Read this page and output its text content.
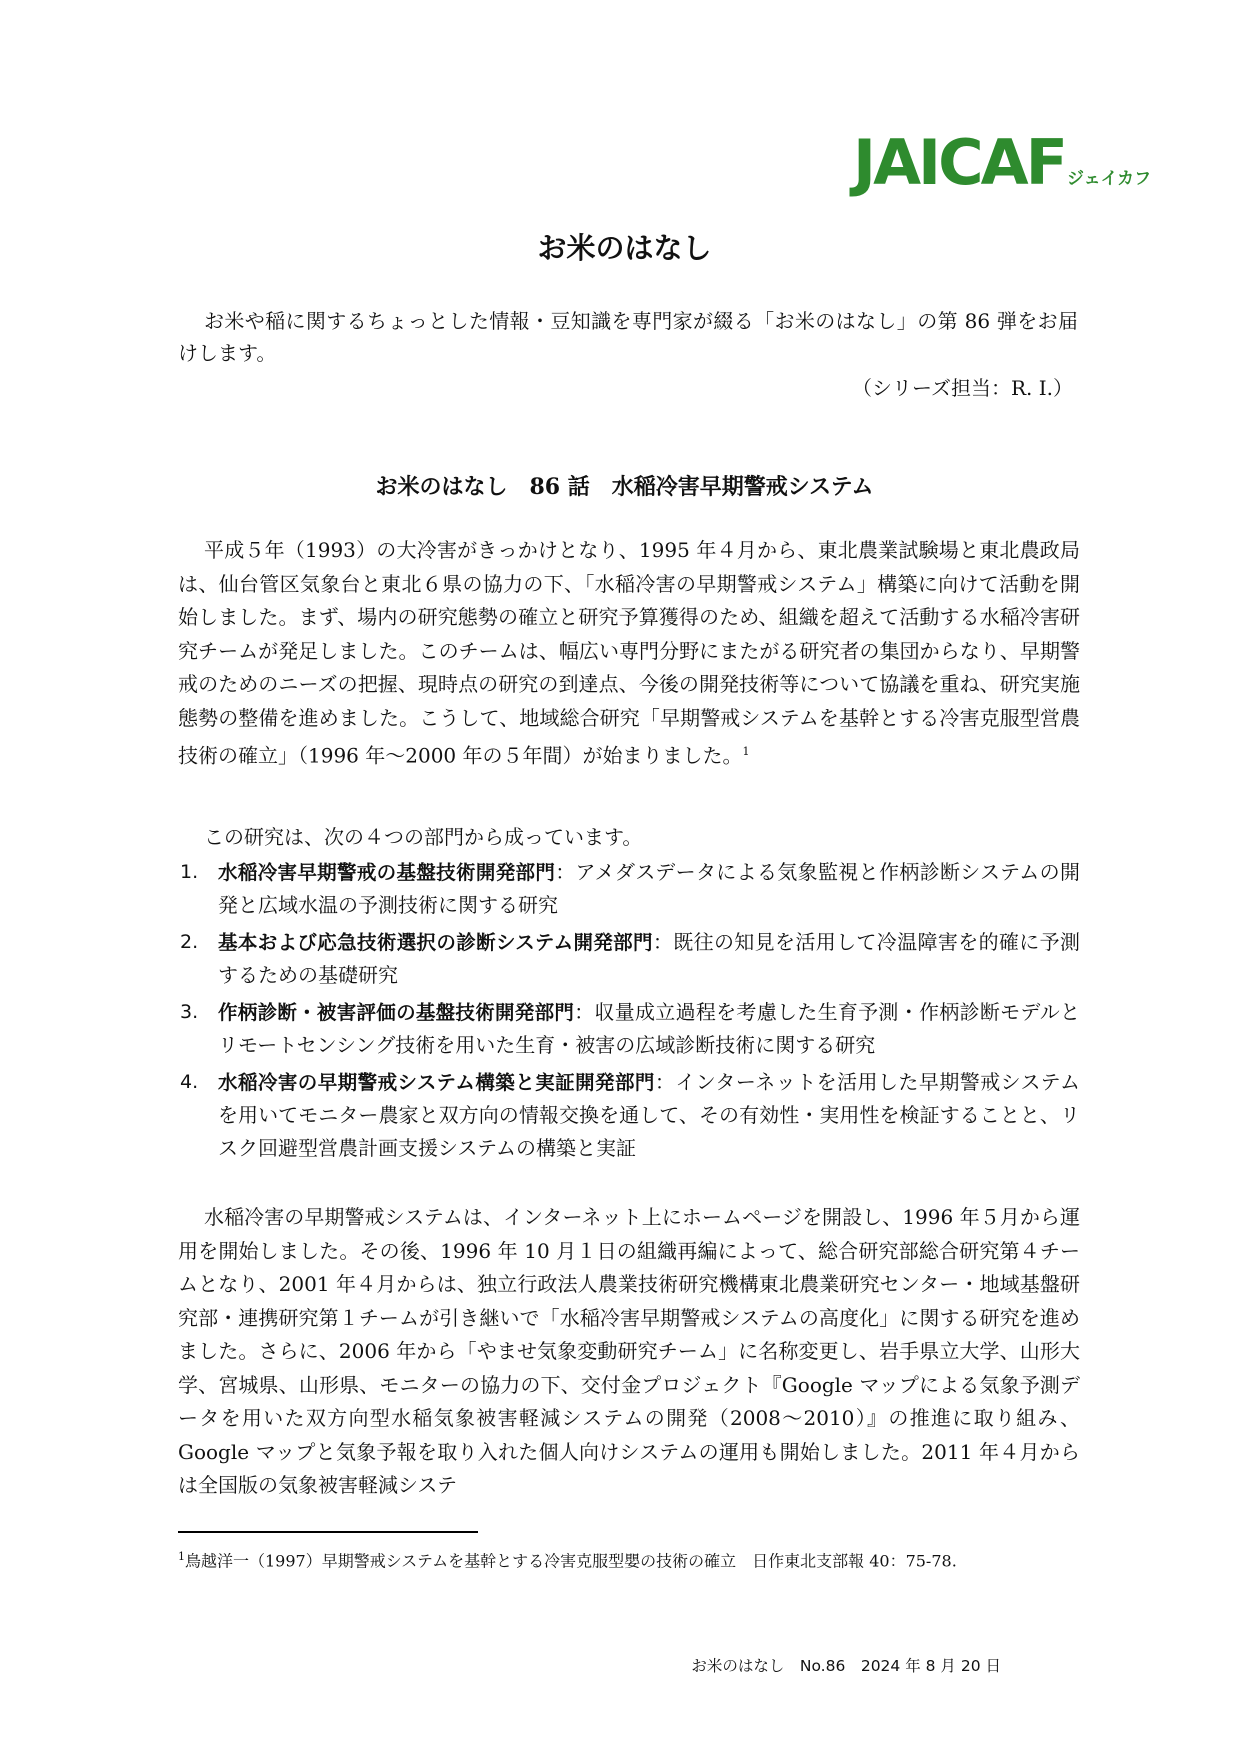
JAICAF ジェイカフ
お米のはなし

お米や稲に関するちょっとした情報・豆知識を専門家が綴る「お米のはなし」の第 86 弾をお届けします。

（シリーズ担当：R. I.）

お米のはなし　86 話　水稲冷害早期警戒システム

平成５年（1993）の大冷害がきっかけとなり、1995 年４月から、東北農業試験場と東北農政局は、仙台管区気象台と東北６県の協力の下、「水稲冷害の早期警戒システム」構築に向けて活動を開始しました。まず、場内の研究態勢の確立と研究予算獲得のため、組織を超えて活動する水稲冷害研究チームが発足しました。このチームは、幅広い専門分野にまたがる研究者の集団からなり、早期警戒のためのニーズの把握、現時点の研究の到達点、今後の開発技術等について協議を重ね、研究実施態勢の整備を進めました。こうして、地域総合研究「早期警戒システムを基幹とする冷害克服型営農技術の確立」（1996 年～2000 年の５年間）が始まりました。$^1$

この研究は、次の４つの部門から成っています。

1. 水稲冷害早期警戒の基盤技術開発部門：アメダスデータによる気象監視と作柄診断システムの開発と広域水温の予測技術に関する研究
2. 基本および応急技術選択の診断システム開発部門：既往の知見を活用して冷温障害を的確に予測するための基礎研究
3. 作柄診断・被害評価の基盤技術開発部門：収量成立過程を考慮した生育予測・作柄診断モデルとリモートセンシング技術を用いた生育・被害の広域診断技術に関する研究
4. 水稲冷害の早期警戒システム構築と実証開発部門：インターネットを活用した早期警戒システムを用いてモニター農家と双方向の情報交換を通して、その有効性・実用性を検証することと、リスク回避型営農計画支援システムの構築と実証

水稲冷害の早期警戒システムは、インターネット上にホームページを開設し、1996 年５月から運用を開始しました。その後、1996 年 10 月１日の組織再編によって、総合研究部総合研究第４チームとなり、2001 年４月からは、独立行政法人農業技術研究機構東北農業研究センター・地域基盤研究部・連携研究第１チームが引き継いで「水稲冷害早期警戒システムの高度化」に関する研究を進めました。さらに、2006 年から「やませ気象変動研究チーム」に名称変更し、岩手県立大学、山形大学、宮城県、山形県、モニターの協力の下、交付金プロジェクト『Google マップによる気象予測データを用いた双方向型水稲気象被害軽減システムの開発（2008～2010）』の推進に取り組み、Google マップと気象予報を取り入れた個人向けシステムの運用も開始しました。2011 年４月からは全国版の気象被害軽減システ

$^1$鳥越洋一（1997）早期警戒システムを基幹とする冷害克服型嬰の技術の確立　日作東北支部報 40：75-78.

お米のはなし　No.86　2024 年 8 月 20 日
